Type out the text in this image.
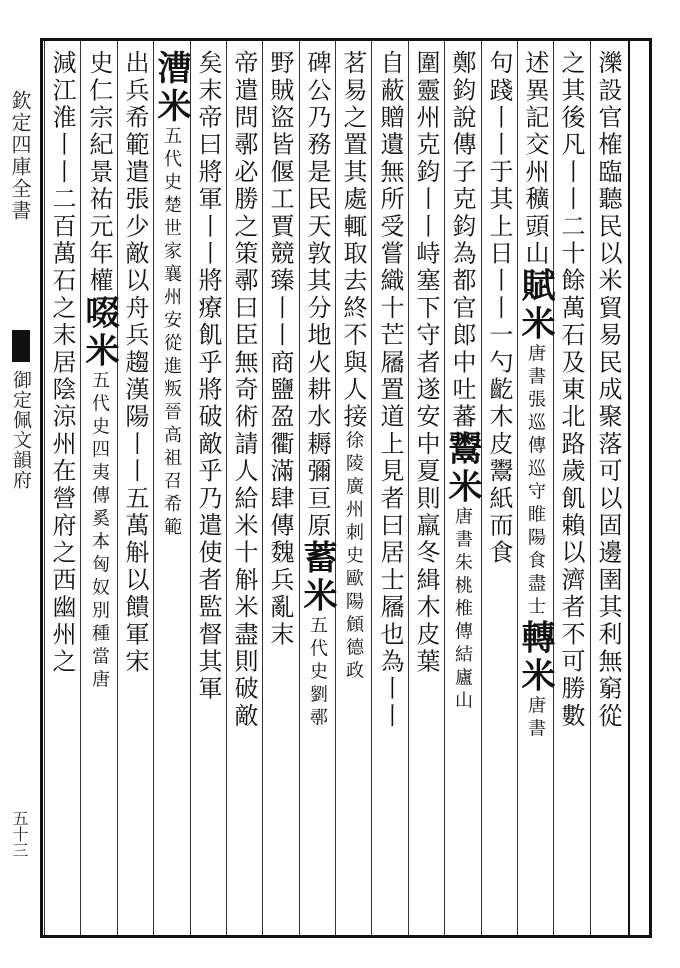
欽定四庫全書
御定佩文韻府
五十三
濼設官榷臨聽民以米貿易民成聚落可以固邊圉其利無窮從
之其後凡丨丨二十餘萬石及東北路歲飢賴以濟者不可勝數
述異記交州穬頭山賦米唐書張巡傳巡守睢陽食盡士轉米唐書
句踐丨丨于其上日丨丨一勺齕木皮鬻紙而食
鄭鈞說傳子克鈞為都官郎中吐蕃鬻米唐書朱桃椎傳結廬山
圍靈州克鈞丨丨峙塞下守者遂安中夏則羸冬緝木皮葉
自蔽贈遺無所受嘗織十芒屩置道上見者曰居士屩也為丨丨
茗易之置其處輒取去終不與人接徐陵廣州刺史歐陽頠德政
碑公乃務是民天敦其分地火耕水耨彌亘原蓄米五代史劉鄩
野賊盜皆偃工賈競臻丨丨商鹽盈衢滿肆傳魏兵亂末
帝遣問鄩必勝之策鄩曰臣無奇術請人給米十斛米盡則破敵
矣末帝曰將軍丨丨將療飢乎將破敵乎乃遣使者監督其軍
漕米五代史楚世家襄州安從進叛晉高祖召希範
出兵希範遣張少敵以舟兵趨漢陽丨丨五萬斛以饋軍宋
史仁宗紀景祐元年權啜米五代史四夷傳奚本匈奴別種當唐
減江淮丨丨二百萬石之末居陰涼州在營府之西幽州之
